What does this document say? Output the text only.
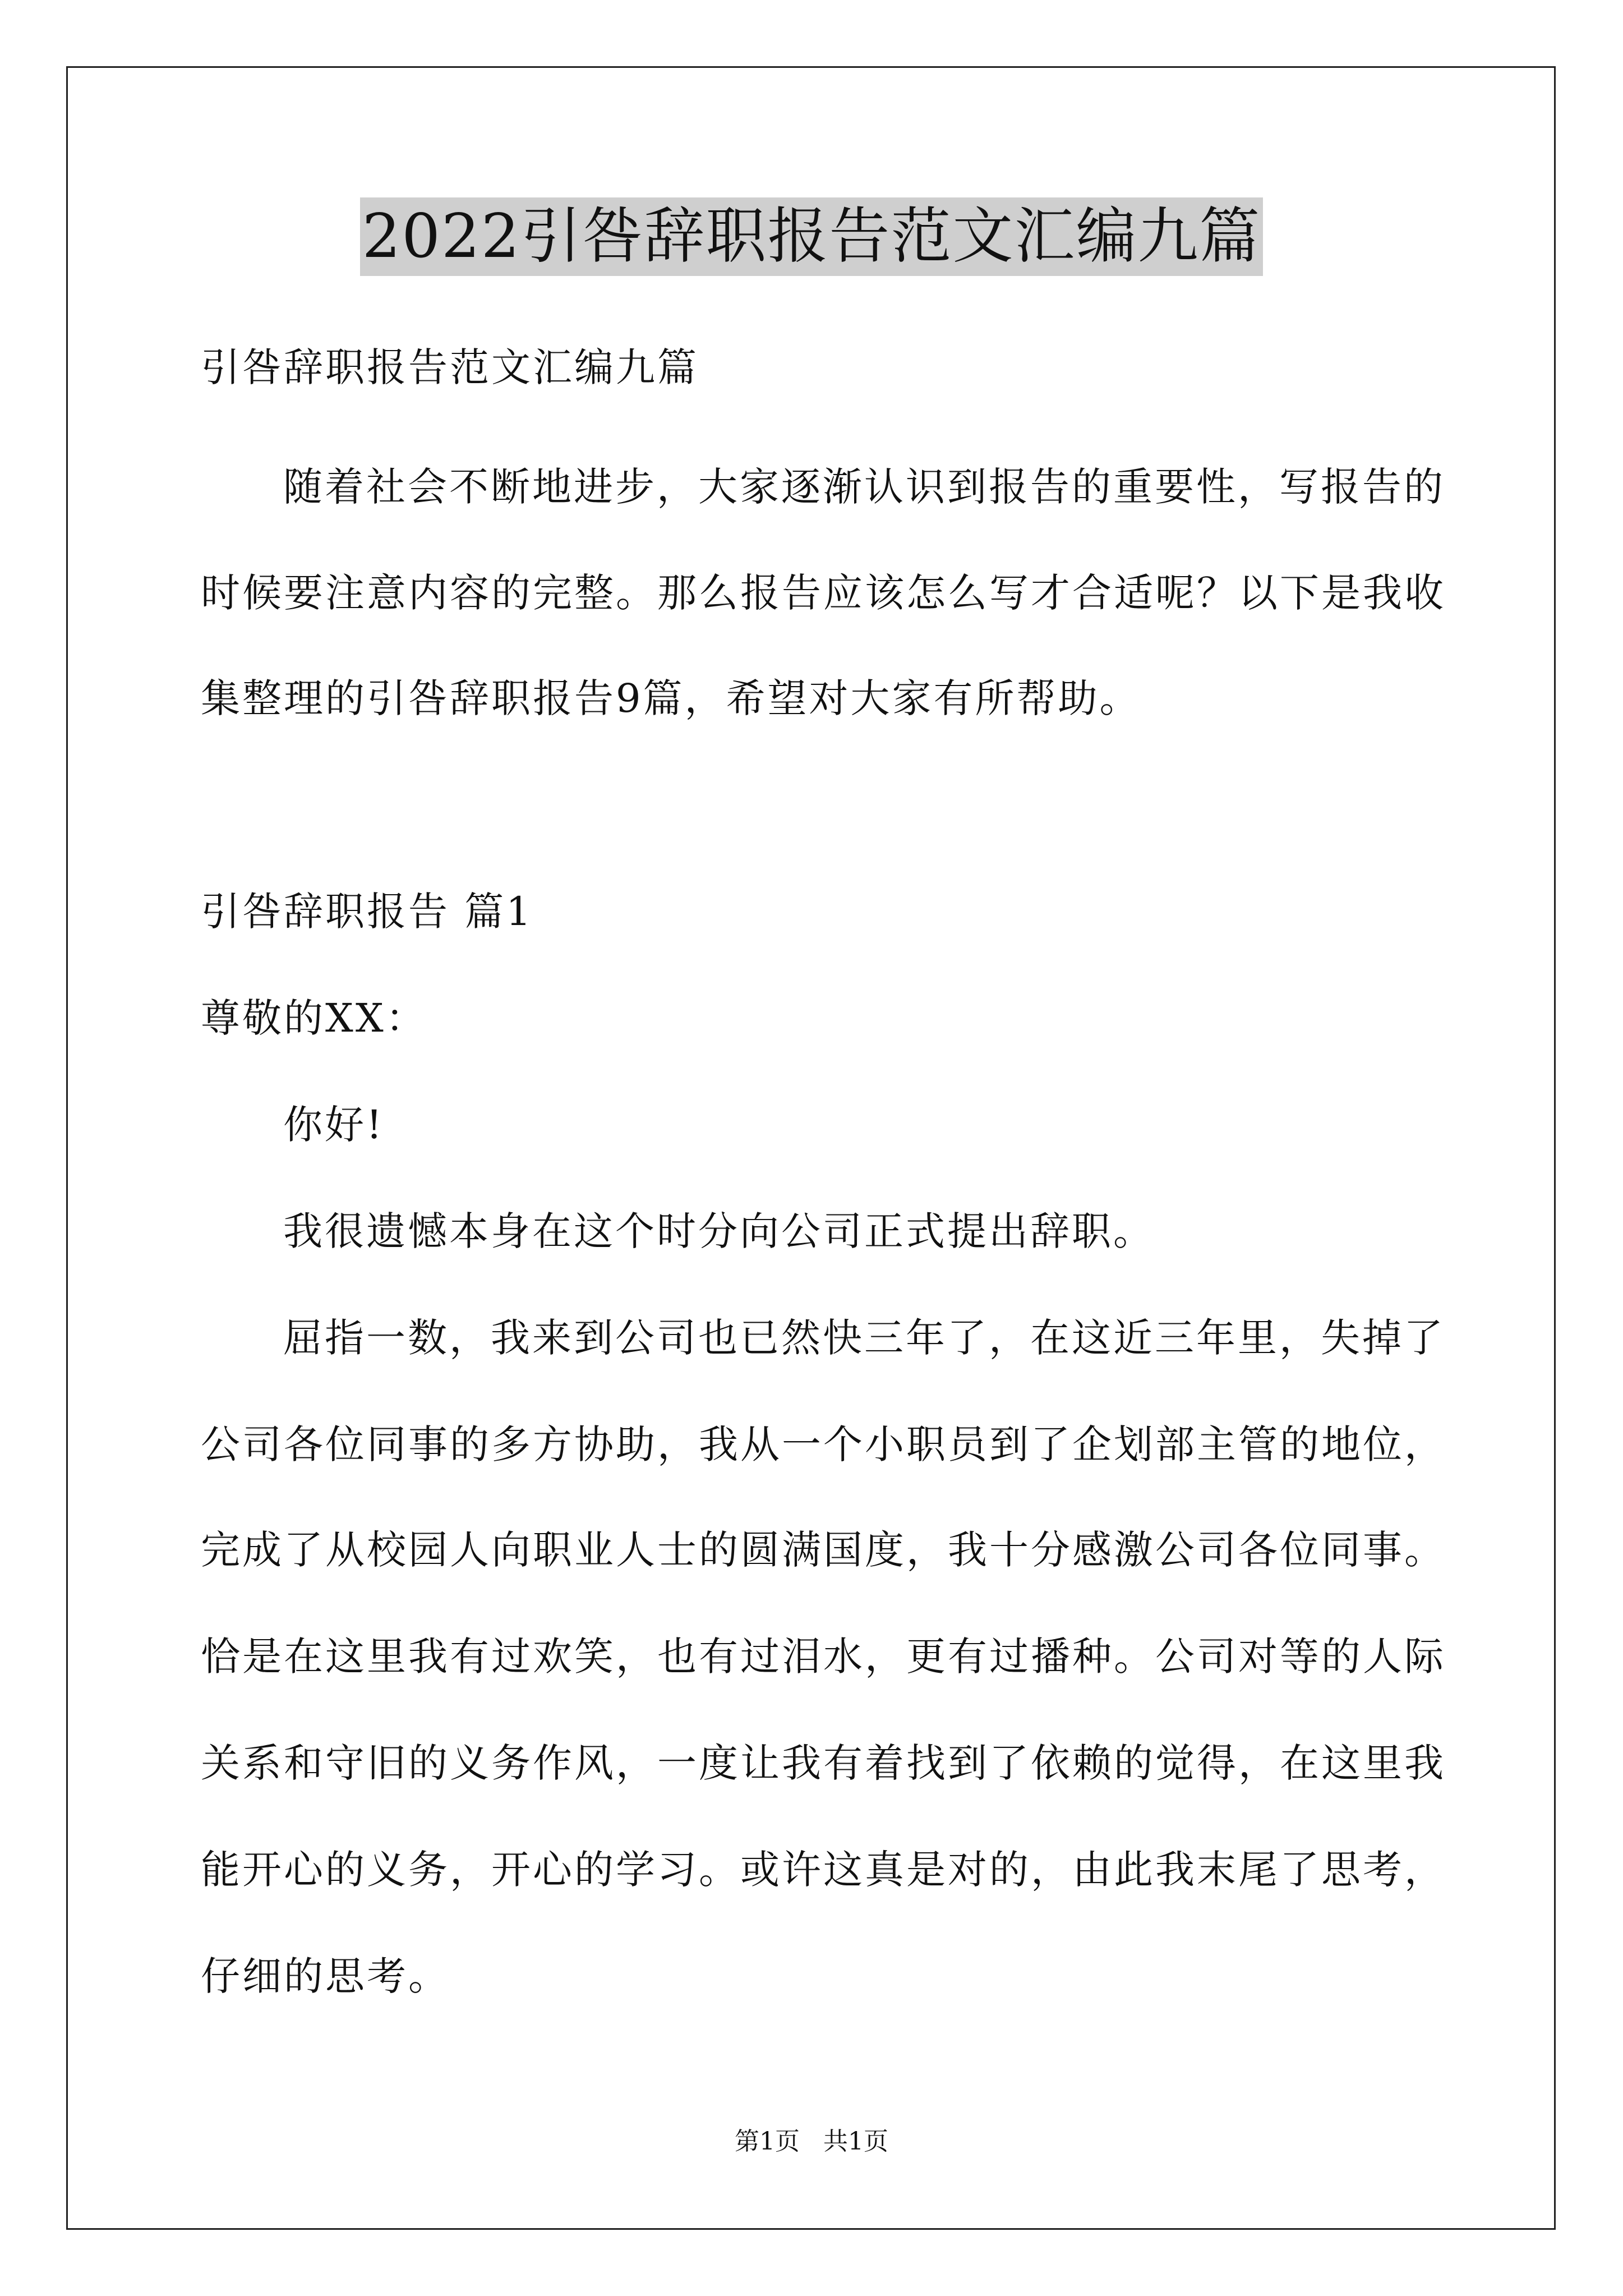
2022引咎辞职报告范文汇编九篇
引咎辞职报告范文汇编九篇
随着社会不断地进步，大家逐渐认识到报告的重要性，写报告的
时候要注意内容的完整。那么报告应该怎么写才合适呢？以下是我收
集整理的引咎辞职报告9篇，希望对大家有所帮助。
引咎辞职报告 篇1
尊敬的XX：
你好!
我很遗憾本身在这个时分向公司正式提出辞职。
屈指一数，我来到公司也已然快三年了，在这近三年里，失掉了
公司各位同事的多方协助，我从一个小职员到了企划部主管的地位，
完成了从校园人向职业人士的圆满国度，我十分感激公司各位同事。
恰是在这里我有过欢笑，也有过泪水，更有过播种。公司对等的人际
关系和守旧的义务作风，一度让我有着找到了依赖的觉得，在这里我
能开心的义务，开心的学习。或许这真是对的，由此我末尾了思考，
仔细的思考。
第1页   共1页
